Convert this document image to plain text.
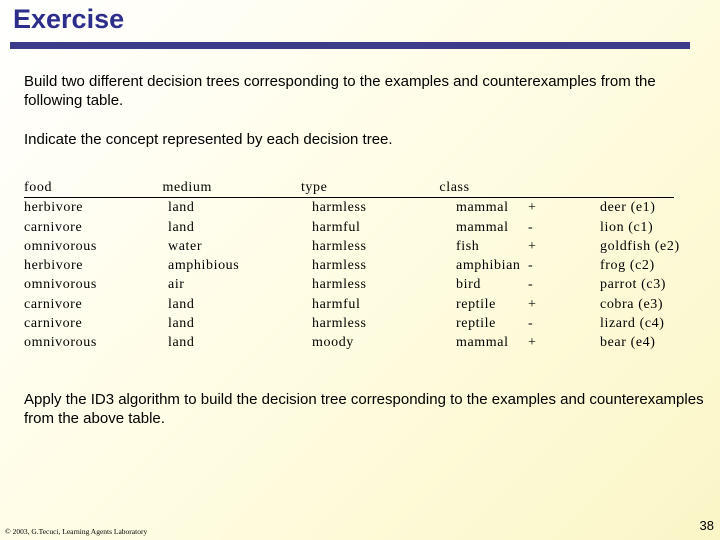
Exercise
Build two different decision trees corresponding to the examples and counterexamples from the following table.
Indicate the concept represented by each decision tree.
food	medium	type	class
herbivore	land	harmless	mammal	+	deer (e1)
carnivore	land	harmful	mammal	-	lion (c1)
omnivorous	water	harmless	fish	+	goldfish (e2)
herbivore	amphibious	harmless	amphibian -	frog (c2)
omnivorous	air	harmless	bird	-	parrot (c3)
carnivore	land	harmful	reptile	+	cobra (e3)
carnivore	land	harmless	reptile	-	lizard (c4)
omnivorous	land	moody	mammal	+	bear (e4)
Apply the ID3 algorithm to build the decision tree corresponding to the examples and counterexamples from the above table.
© 2003, G.Tecuci, Learning Agents Laboratory	38
